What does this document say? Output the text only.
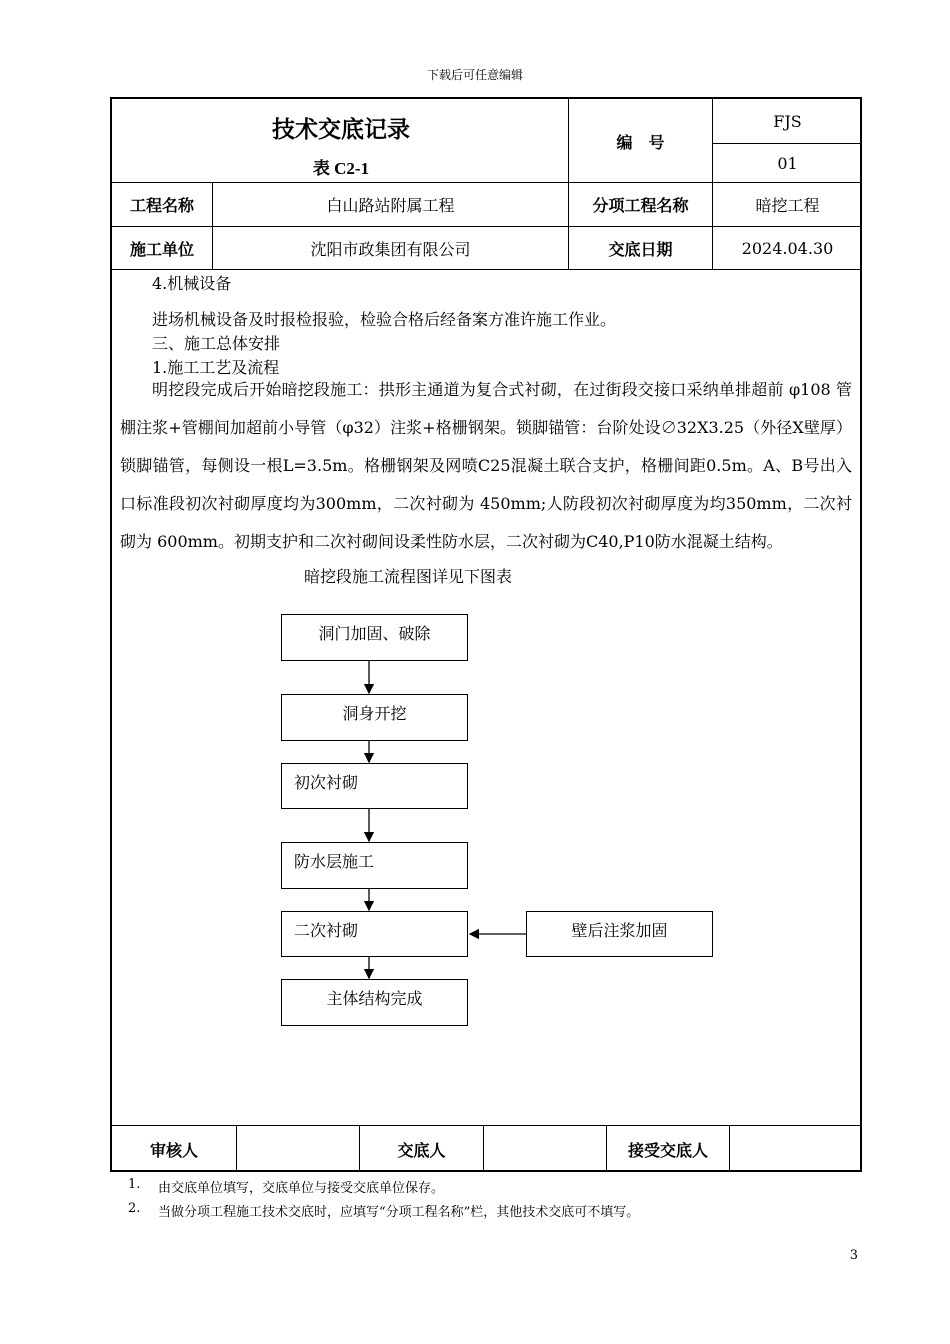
下载后可任意编辑
技术交底记录
表 C2-1
编　号
FJS
01
工程名称	白山路站附属工程	分项工程名称	暗挖工程
施工单位	沈阳市政集团有限公司	交底日期	2024.04.30
审核人	交底人	接受交底人
4.机械设备
进场机械设备及时报检报验，检验合格后经备案方准许施工作业。
三、施工总体安排
1.施工工艺及流程
明挖段完成后开始暗挖段施工：拱形主通道为复合式衬砌，在过街段交接口采纳单排超前 φ108 管棚注浆+管棚间加超前小导管（φ32）注浆+格栅钢架。锁脚锚管：台阶处设∅32X3.25（外径X壁厚）锁脚锚管，每侧设一根L=3.5m。格栅钢架及网喷C25混凝土联合支护，格栅间距0.5m。A、B号出入口标准段初次衬砌厚度均为300mm，二次衬砌为 450mm;人防段初次衬砌厚度为均350mm，二次衬砌为 600mm。初期支护和二次衬砌间设柔性防水层，二次衬砌为C40,P10防水混凝土结构。
暗挖段施工流程图详见下图表
洞门加固、破除
洞身开挖
初次衬砌
防水层施工
二次衬砌	壁后注浆加固
主体结构完成
1. 由交底单位填写，交底单位与接受交底单位保存。
2. 当做分项工程施工技术交底时，应填写“分项工程名称”栏，其他技术交底可不填写。
3
